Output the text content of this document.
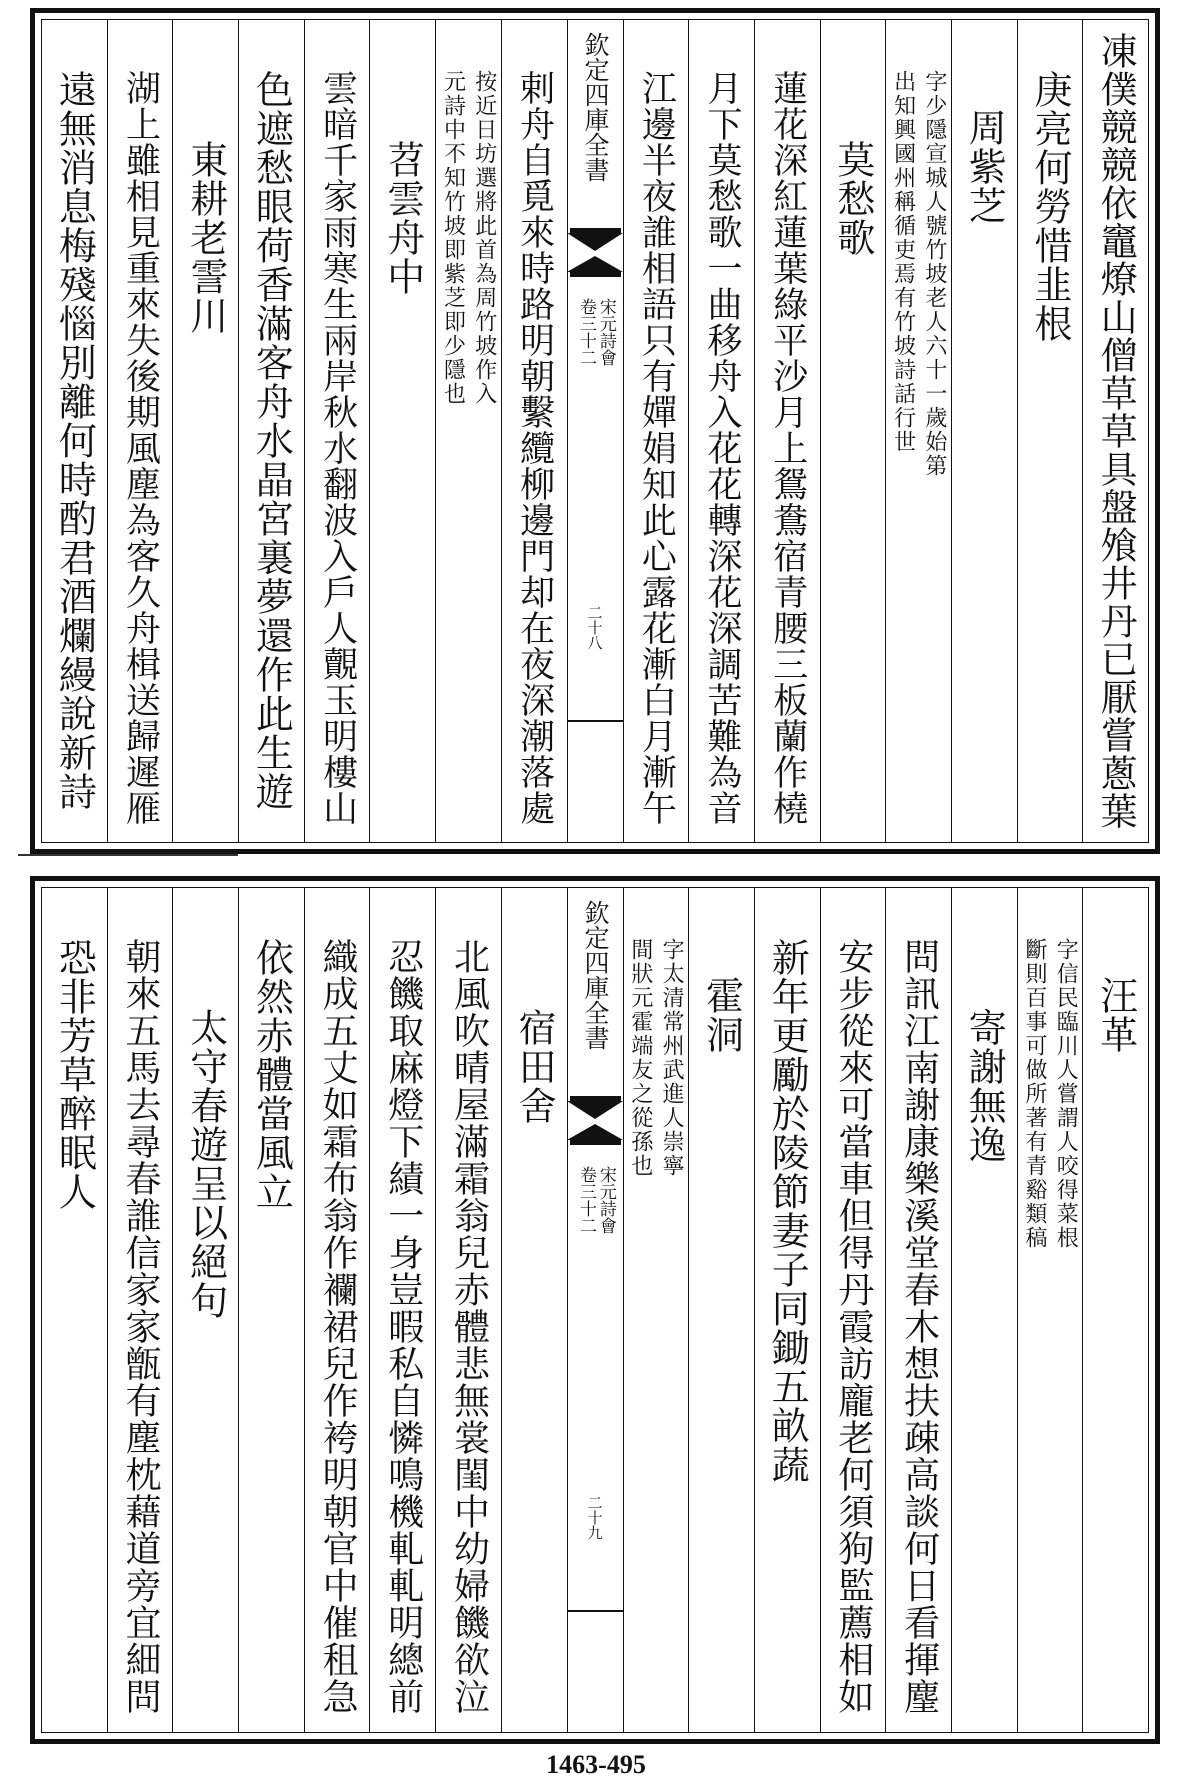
凍僕競競依竈燎山僧草草具盤飧井丹已厭嘗蔥葉
庚亮何勞惜韭根
周紫芝
字少隱宣城人號竹坡老人六十一歲始第
出知興國州稱循吏焉有竹坡詩話行世
莫愁歌
蓮花深紅蓮葉綠平沙月上鴛鴦宿青腰三板蘭作橈
月下莫愁歌一曲移舟入花花轉深花深調苦難為音
江邊半夜誰相語只有嬋娟知此心露花漸白月漸午
欽定四庫全書
宋元詩會
卷三十二
二十八
剌舟自覓來時路明朝繫纜柳邊門却在夜深潮落處
按近日坊選將此首為周竹坡作入
元詩中不知竹坡即紫芝即少隱也
苕雲舟中
雲暗千家雨寒生兩岸秋水翻波入戶人覿玉明樓山
色遮愁眼荷香滿客舟水晶宮裏夢還作此生遊
東耕老霅川
湖上雖相見重來失後期風塵為客久舟楫送歸遲雁
遠無消息梅殘惱別離何時酌君酒爛縵說新詩
汪革
字信民臨川人嘗謂人咬得菜根
斷則百事可做所著有青谿類稿
寄謝無逸
問訊江南謝康樂溪堂春木想扶疎高談何日看揮麈
安步從來可當車但得丹霞訪龐老何須狗監薦相如
新年更勵於陵節妻子同鋤五畝蔬
霍洞
字太清常州武進人崇寧
間狀元霍端友之從孫也
欽定四庫全書
宋元詩會
卷三十二
二十九
宿田舍
北風吹晴屋滿霜翁兒赤體悲無裳閨中幼婦饑欲泣
忍饑取麻燈下績一身豈暇私自憐鳴機軋軋明總前
織成五丈如霜布翁作襴裙兒作袴明朝官中催租急
依然赤體當風立
太守春遊呈以絕句
朝來五馬去尋春誰信家家甑有塵枕藉道旁宜細問
恐非芳草醉眠人
1463-495
